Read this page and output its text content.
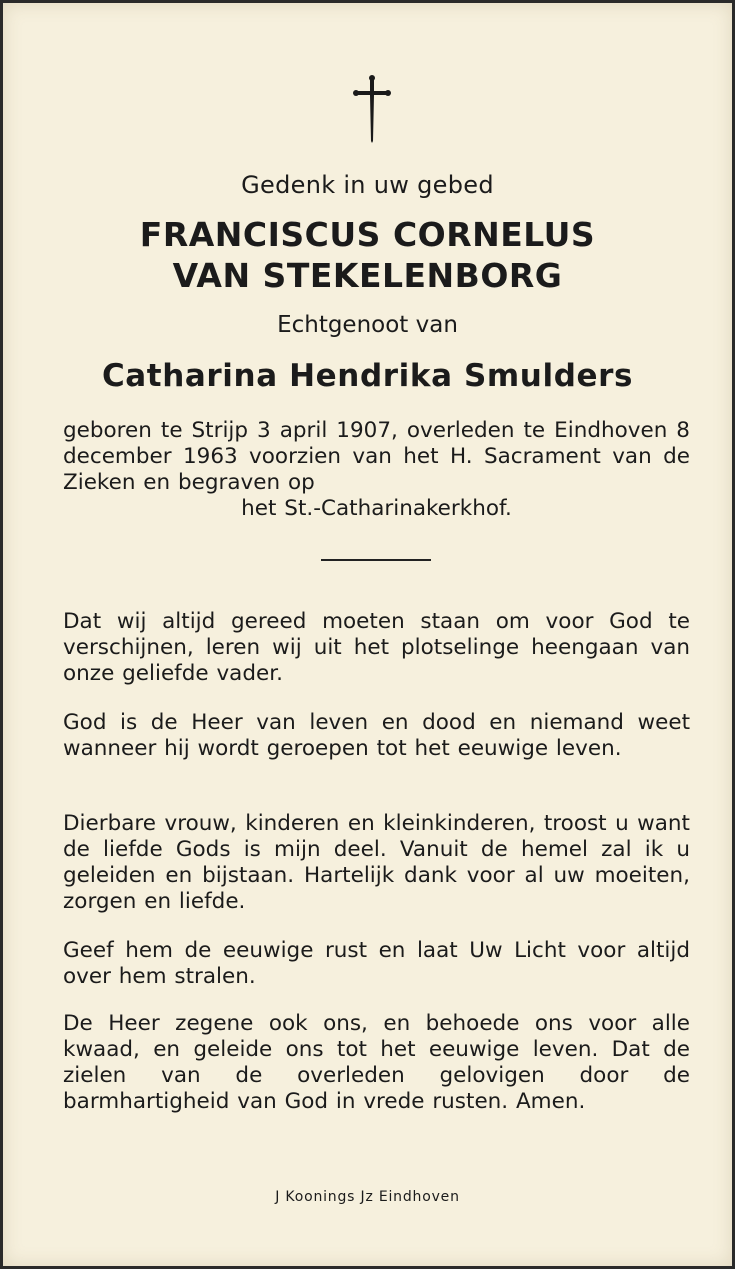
Gedenk in uw gebed
FRANCISCUS CORNELUS
VAN STEKELENBORG
Echtgenoot van
Catharina Hendrika Smulders
geboren te Strijp 3 april 1907, overleden te Eindhoven 8 december 1963 voorzien van het H. Sacrament van de Zieken en begraven op
het St.-Catharinakerkhof.
Dat wij altijd gereed moeten staan om voor God te verschijnen, leren wij uit het plotselinge heengaan van onze geliefde vader.
God is de Heer van leven en dood en niemand weet wanneer hij wordt geroepen tot het eeuwige leven.
Dierbare vrouw, kinderen en kleinkinderen, troost u want de liefde Gods is mijn deel. Vanuit de hemel zal ik u geleiden en bijstaan. Hartelijk dank voor al uw moeiten, zorgen en liefde.
Geef hem de eeuwige rust en laat Uw Licht voor altijd over hem stralen.
De Heer zegene ook ons, en behoede ons voor alle kwaad, en geleide ons tot het eeuwige leven. Dat de zielen van de overleden gelovigen door de barmhartigheid van God in vrede rusten. Amen.
J Koonings Jz Eindhoven
